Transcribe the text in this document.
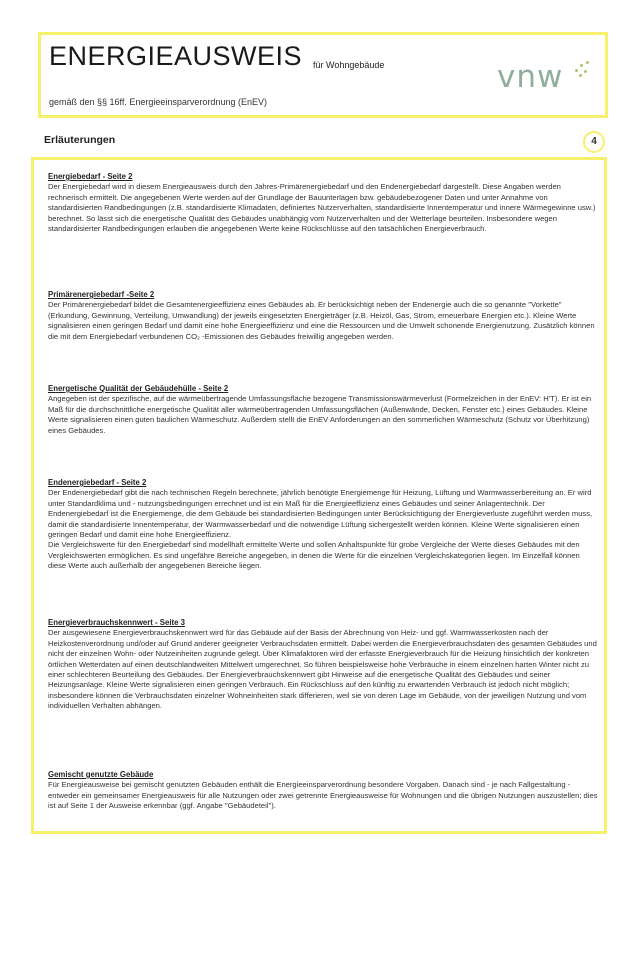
ENERGIEAUSWEIS für Wohngebäude
gemäß den §§ 16ff. Energieeinsparverordnung (EnEV)
vnw
Erläuterungen	4
Energiebedarf - Seite 2

Der Energiebedarf wird in diesem Energieausweis durch den Jahres-Primärenergiebedarf und den Endenergiebedarf dargestellt. Diese Angaben werden rechnerisch ermittelt. Die angegebenen Werte werden auf der Grundlage der Bauunterlagen bzw. gebäudebezogener Daten und unter Annahme von standardisierten Randbedingungen (z.B. standardisierte Klimadaten, definiertes Nutzerverhalten, standardisierte Innentemperatur und innere Wärmegewinne usw.) berechnet. So lässt sich die energetische Qualität des Gebäudes unabhängig vom Nutzerverhalten und der Wetterlage beurteilen. Insbesondere wegen standardisierter Randbedingungen erlauben die angegebenen Werte keine Rückschlüsse auf den tatsächlichen Energieverbrauch.

Primärenergiebedarf -Seite 2

Der Primärenergiebedarf bildet die Gesamtenergieeffizienz eines Gebäudes ab. Er berücksichtigt neben der Endenergie auch die so genannte "Vorkette" (Erkundung, Gewinnung, Verteilung, Umwandlung) der jeweils eingesetzten Energieträger (z.B. Heizöl, Gas, Strom, erneuerbare Energien etc.). Kleine Werte signalisieren einen geringen Bedarf und damit eine hohe Energieeffizienz und eine die Ressourcen und die Umwelt schonende Energienutzung. Zusätzlich können die mit dem Energiebedarf verbundenen CO₂ -Emissionen des Gebäudes freiwillig angegeben werden.

Energetische Qualität der Gebäudehülle - Seite 2

Angegeben ist der spezifische, auf die wärmeübertragende Umfassungsfläche bezogene Transmissionswärmeverlust (Formelzeichen in der EnEV: H'T). Er ist ein Maß für die durchschnittliche energetische Qualität aller wärmeübertragenden Umfassungsflächen (Außenwände, Decken, Fenster etc.) eines Gebäudes. Kleine Werte signalisieren einen guten baulichen Wärmeschutz. Außerdem stellt die EnEV Anforderungen an den sommerlichen Wärmeschutz (Schutz vor Überhitzung) eines Gebäudes.

Endenergiebedarf - Seite 2

Der Endenergiebedarf gibt die nach technischen Regeln berechnete, jährlich benötigte Energiemenge für Heizung, Lüftung und Warmwasserbereitung an. Er wird unter Standardklima und - nutzungsbedingungen errechnet und ist ein Maß für die Energieeffizienz eines Gebäudes und seiner Anlagentechnik. Der Endenergiebedarf ist die Energiemenge, die dem Gebäude bei standardisierten Bedingungen unter Berücksichtigung der Energieverluste zugeführt werden muss, damit die standardisierte Innentemperatur, der Warmwasserbedarf und die notwendige Lüftung sichergestellt werden können. Kleine Werte signalisieren einen geringen Bedarf und damit eine hohe Energieeffizienz.

Die Vergleichswerte für den Energiebedarf sind modellhaft ermittelte Werte und sollen Anhaltspunkte für grobe Vergleiche der Werte dieses Gebäudes mit den Vergleichswerten ermöglichen. Es sind ungefähre Bereiche angegeben, in denen die Werte für die einzelnen Vergleichskategorien liegen. Im Einzelfall können diese Werte auch außerhalb der angegebenen Bereiche liegen.

Energieverbrauchskennwert - Seite 3

Der ausgewiesene Energieverbrauchskennwert wird für das Gebäude auf der Basis der Abrechnung von Heiz- und ggf. Warmwasserkosten nach der Heizkostenverordnung und/oder auf Grund anderer geeigneter Verbrauchsdaten ermittelt. Dabei werden die Energieverbrauchsdaten des gesamten Gebäudes und nicht der einzelnen Wohn- oder Nutzeinheiten zugrunde gelegt. Über Klimafaktoren wird der erfasste Energieverbrauch für die Heizung hinsichtlich der konkreten örtlichen Wetterdaten auf einen deutschlandweiten Mittelwert umgerechnet. So führen beispielsweise hohe Verbräuche in einem einzelnen harten Winter nicht zu einer schlechteren Beurteilung des Gebäudes. Der Energieverbrauchskennwert gibt Hinweise auf die energetische Qualität des Gebäudes und seiner Heizungsanlage. Kleine Werte signalisieren einen geringen Verbrauch. Ein Rückschluss auf den künftig zu erwartenden Verbrauch ist jedoch nicht möglich; insbesondere können die Verbrauchsdaten einzelner Wohneinheiten stark differieren, weil sie von deren Lage im Gebäude, von der jeweiligen Nutzung und vom individuellen Verhalten abhängen.

Gemischt genutzte Gebäude

Für Energieausweise bei gemischt genutzten Gebäuden enthält die Energieeinsparverordnung besondere Vorgaben. Danach sind - je nach Fallgestaltung - entweder ein gemeinsamer Energieausweis für alle Nutzungen oder zwei getrennte Energieausweise für Wohnungen und die übrigen Nutzungen auszustellen; dies ist auf Seite 1 der Ausweise erkennbar (ggf. Angabe "Gebäudeteil").
